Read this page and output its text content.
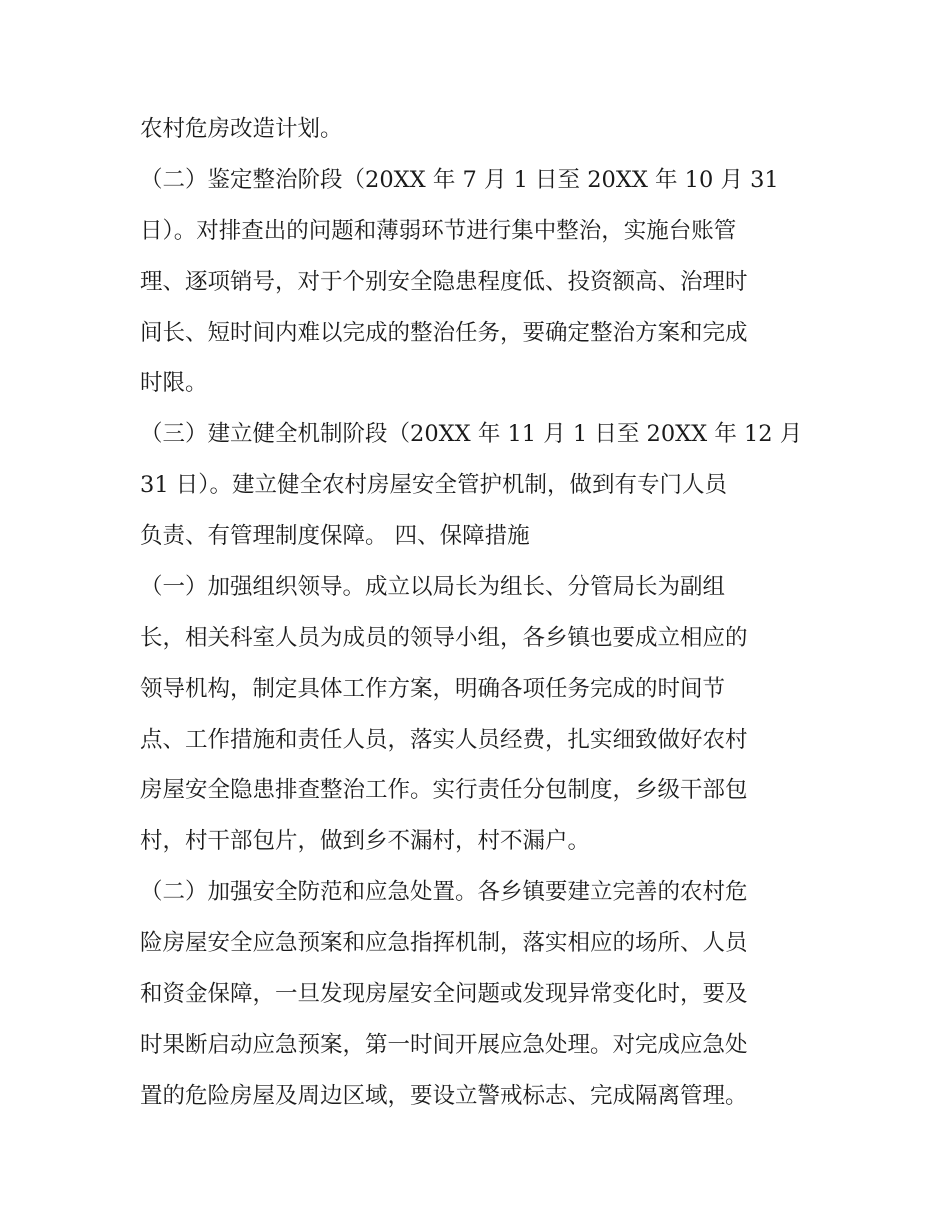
农村危房改造计划。
（二）鉴定整治阶段（20XX 年 7 月 1 日至 20XX 年 10 月 31
日）。对排查出的问题和薄弱环节进行集中整治，实施台账管
理、逐项销号，对于个别安全隐患程度低、投资额高、治理时
间长、短时间内难以完成的整治任务，要确定整治方案和完成
时限。
（三）建立健全机制阶段（20XX 年 11 月 1 日至 20XX 年 12 月
31 日）。建立健全农村房屋安全管护机制，做到有专门人员
负责、有管理制度保障。 四、保障措施
（一）加强组织领导。成立以局长为组长、分管局长为副组
长，相关科室人员为成员的领导小组，各乡镇也要成立相应的
领导机构，制定具体工作方案，明确各项任务完成的时间节
点、工作措施和责任人员，落实人员经费，扎实细致做好农村
房屋安全隐患排查整治工作。实行责任分包制度，乡级干部包
村，村干部包片，做到乡不漏村，村不漏户。
（二）加强安全防范和应急处置。各乡镇要建立完善的农村危
险房屋安全应急预案和应急指挥机制，落实相应的场所、人员
和资金保障，一旦发现房屋安全问题或发现异常变化时，要及
时果断启动应急预案，第一时间开展应急处理。对完成应急处
置的危险房屋及周边区域，要设立警戒标志、完成隔离管理。
